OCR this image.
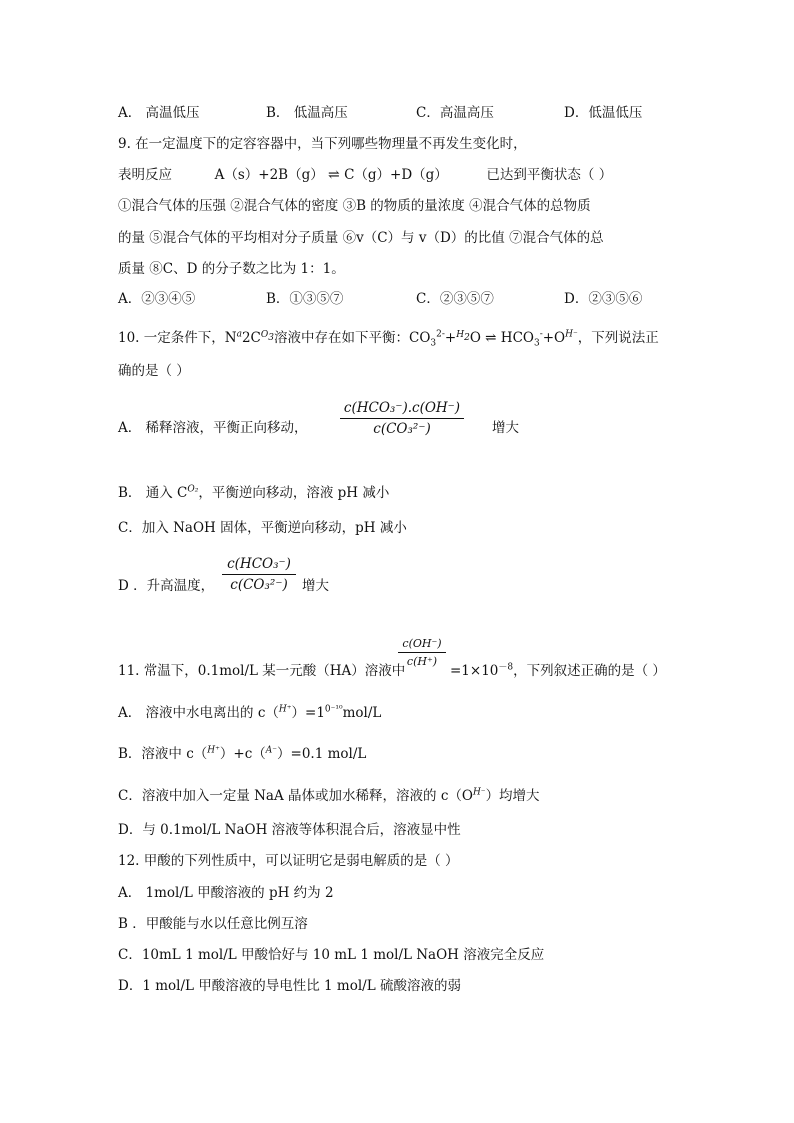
A． 高温低压	B． 低温高压	C．高温高压	D．低温低压
9. 在一定温度下的定容容器中，当下列哪些物理量不再发生变化时，
表明反应	A（s）+2B（g） ⇌ C（g）+D（g）	已达到平衡状态（ ）
①混合气体的压强 ②混合气体的密度 ③B 的物质的量浓度 ④混合气体的总物质
的量 ⑤混合气体的平均相对分子质量 ⑥v（C）与 v（D）的比值 ⑦混合气体的总
质量 ⑧C、D 的分子数之比为 1：1。
A．②③④⑤	B．①③⑤⑦	C．②③⑤⑦	D．②③⑤⑥
10. 一定条件下，$N^a2C^{O_3}$溶液中存在如下平衡：$CO_3^{2-}+^{H_2}O$ ⇌ $HCO_3^-+O^{H^-}$，下列说法正
确的是（ ）
A． 稀释溶液，平衡正向移动，
c(HCO₃⁻).c(OH⁻)
c(CO₃²⁻)	增大
B． 通入 $C^{O_2}$，平衡逆向移动，溶液 pH 减小
C．加入 NaOH 固体，平衡逆向移动，pH 减小
D ．升高温度，
c(HCO₃⁻)
c(CO₃²⁻)	增大
c(OH⁻)
c(H⁺)
11. 常温下，0.1mol/L 某一元酸（HA）溶液中	$=1\times 10^{-8}$，下列叙述正确的是（ ）
A． 溶液中水电离出的 $c(^{H^+})=1^{0^{-10}}mol/L$
B．溶液中 c（$^{H^+}$）+c（$^{A^-}$）=0.1 mol/L
C．溶液中加入一定量 NaA 晶体或加水稀释，溶液的 $c(O^{H^-})$均增大
D．与 0.1mol/L NaOH 溶液等体积混合后，溶液显中性
12. 甲酸的下列性质中，可以证明它是弱电解质的是（ ）
A． 1mol/L 甲酸溶液的 pH 约为 2
B ．甲酸能与水以任意比例互溶
C．10mL 1 mol/L 甲酸恰好与 10 mL 1 mol/L NaOH 溶液完全反应
D．1 mol/L 甲酸溶液的导电性比 1 mol/L 硫酸溶液的弱
